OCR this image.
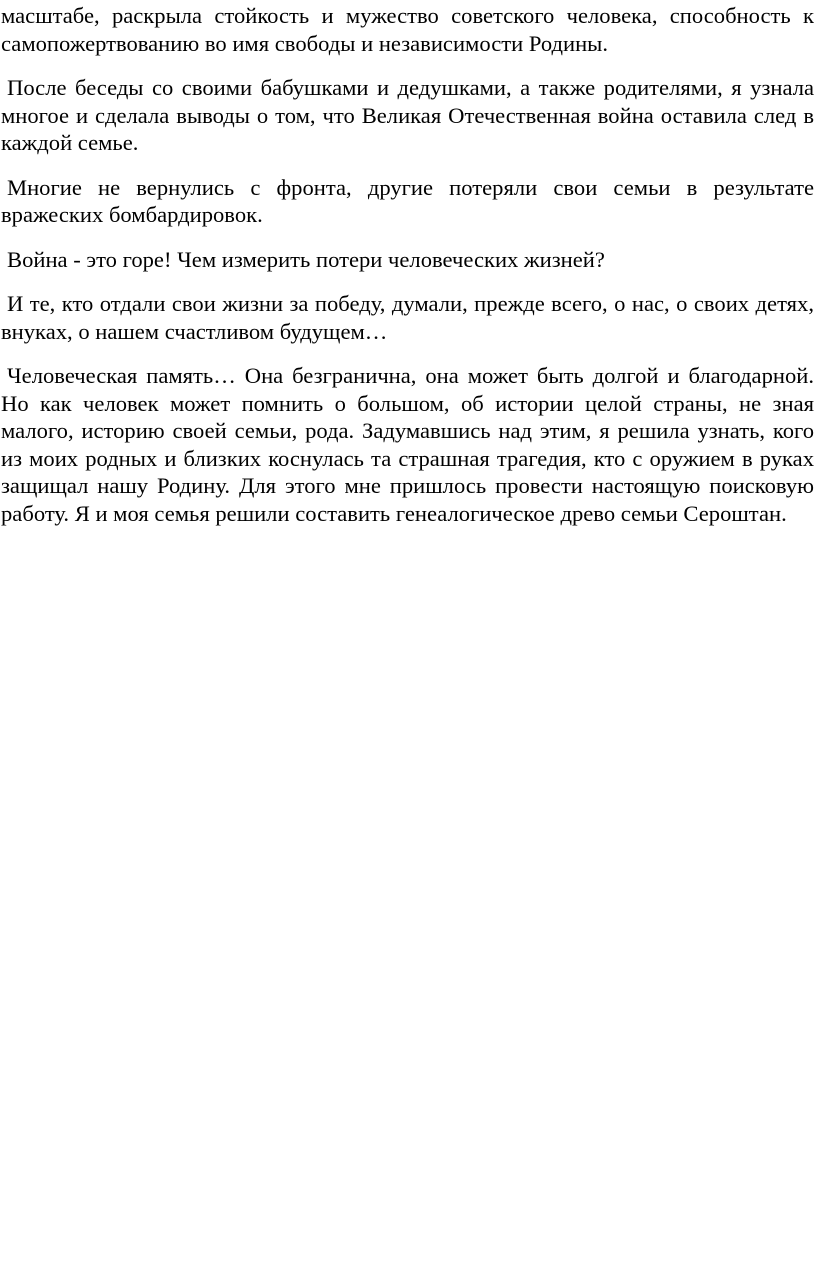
масштабе, раскрыла стойкость и мужество советского человека, способность к самопожертвованию во имя свободы и независимости Родины.

После беседы со своими бабушками и дедушками, а также родителями, я узнала многое и сделала выводы о том, что Великая Отечественная война оставила след в каждой семье.

Многие не вернулись с фронта, другие потеряли свои семьи в результате вражеских бомбардировок.

Война - это горе! Чем измерить потери человеческих жизней?

И те, кто отдали свои жизни за победу, думали, прежде всего, о нас, о своих детях, внуках, о нашем счастливом будущем…

Человеческая память… Она безгранична, она может быть долгой и благодарной. Но как человек может помнить о большом, об истории целой страны, не зная малого, историю своей семьи, рода. Задумавшись над этим, я решила узнать, кого из моих родных и близких коснулась та страшная трагедия, кто с оружием в руках защищал нашу Родину. Для этого мне пришлось провести настоящую поисковую работу. Я и моя семья решили составить генеалогическое древо семьи Сероштан.
